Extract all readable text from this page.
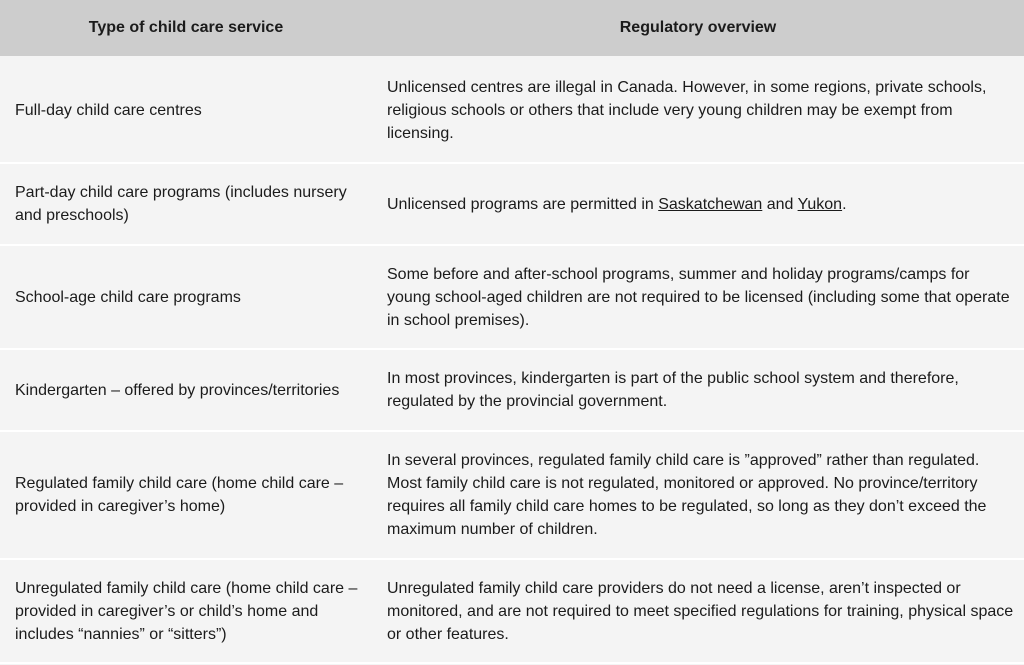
Type of child care service	Regulatory overview
Full-day child care centres
Unlicensed centres are illegal in Canada. However, in some regions, private schools, religious schools or others that include very young children may be exempt from licensing.
Part-day child care programs (includes nursery and preschools)
Unlicensed programs are permitted in Saskatchewan and Yukon.
School-age child care programs
Some before and after-school programs, summer and holiday programs/camps for young school-aged children are not required to be licensed (including some that operate in school premises).
Kindergarten – offered by provinces/territories
In most provinces, kindergarten is part of the public school system and therefore, regulated by the provincial government.
Regulated family child care (home child care – provided in caregiver’s home)
In several provinces, regulated family child care is ”approved” rather than regulated. Most family child care is not regulated, monitored or approved. No province/territory requires all family child care homes to be regulated, so long as they don’t exceed the maximum number of children.
Unregulated family child care (home child care – provided in caregiver’s or child’s home and includes “nannies” or “sitters”)
Unregulated family child care providers do not need a license, aren’t inspected or monitored, and are not required to meet specified regulations for training, physical space or other features.
